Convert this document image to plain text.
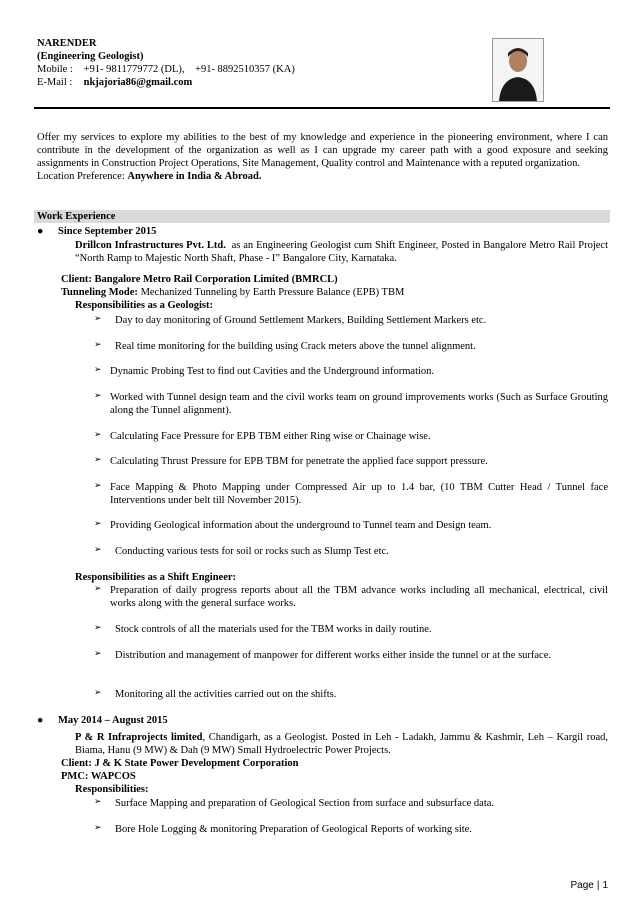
NARENDER
(Engineering Geologist)
Mobile : +91- 9811779772 (DL),    +91- 8892510357 (KA)
E-Mail : nkjajoria86@gmail.com
Offer my services to explore my abilities to the best of my knowledge and experience in the pioneering environment, where I can contribute in the development of the organization as well as I can upgrade my career path with a good exposure and seeking assignments in Construction Project Operations, Site Management, Quality control and Maintenance with a reputed organization.
Location Preference: Anywhere in India & Abroad.
Work Experience
● Since September 2015
Drillcon Infrastructures Pvt. Ltd.  as an Engineering Geologist cum Shift Engineer, Posted in Bangalore Metro Rail Project “North Ramp to Majestic North Shaft, Phase - I” Bangalore City, Karnataka.
Client: Bangalore Metro Rail Corporation Limited (BMRCL)
Tunneling Mode: Mechanized Tunneling by Earth Pressure Balance (EPB) TBM
Responsibilities as a Geologist:
➢	Day to day monitoring of Ground Settlement Markers, Building Settlement Markers etc.
➢	Real time monitoring for the building using Crack meters above the tunnel alignment.
➢ Dynamic Probing Test to find out Cavities and the Underground information.
➢ Worked with Tunnel design team and the civil works team on ground improvements works (Such as Surface Grouting along the Tunnel alignment).
➢ Calculating Face Pressure for EPB TBM either Ring wise or Chainage wise.
➢ Calculating Thrust Pressure for EPB TBM for penetrate the applied face support pressure.
➢ Face Mapping & Photo Mapping under Compressed Air up to 1.4 bar, (10 TBM Cutter Head / Tunnel face Interventions under belt till November 2015).
➢ Providing Geological information about the underground to Tunnel team and Design team.
➢	Conducting various tests for soil or rocks such as Slump Test etc.
Responsibilities as a Shift Engineer:
➢ Preparation of daily progress reports about all the TBM advance works including all mechanical, electrical, civil works along with the general surface works.
➢	Stock controls of all the materials used for the TBM works in daily routine.
➢	Distribution and management of manpower for different works either inside the tunnel or at the surface.
➢	Monitoring all the activities carried out on the shifts.
● May 2014 – August 2015
P & R Infraprojects limited, Chandigarh, as a Geologist. Posted in Leh - Ladakh, Jammu & Kashmir, Leh – Kargil road, Biama, Hanu (9 MW) & Dah (9 MW) Small Hydroelectric Power Projects.
Client: J & K State Power Development Corporation
PMC: WAPCOS
Responsibilities:
➢	Surface Mapping and preparation of Geological Section from surface and subsurface data.
➢	Bore Hole Logging & monitoring Preparation of Geological Reports of working site.
Page | 1
